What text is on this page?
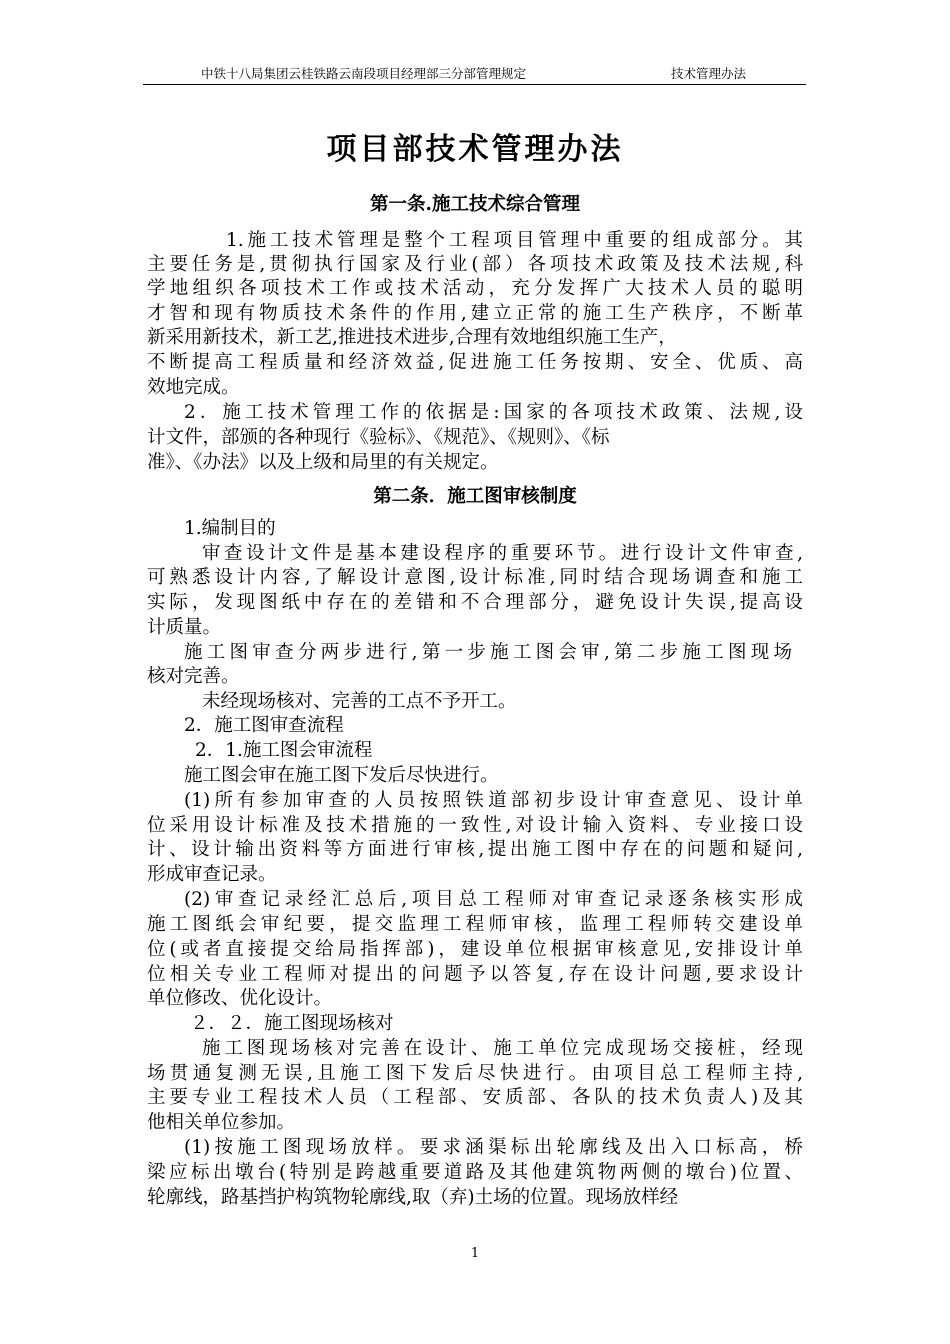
中铁十八局集团云桂铁路云南段项目经理部三分部管理规定	技术管理办法
项目部技术管理办法
第一条.施工技术综合管理
1.施工技术管理是整个工程项目管理中重要的组成部分。其
主要任务是,贯彻执行国家及行业(部）各项技术政策及技术法规,科
学地组织各项技术工作或技术活动，充分发挥广大技术人员的聪明
才智和现有物质技术条件的作用,建立正常的施工生产秩序，不断革
新采用新技术，新工艺,推进技术进步,合理有效地组织施工生产，
不断提高工程质量和经济效益,促进施工任务按期、安全、优质、高
效地完成。
2．施工技术管理工作的依据是:国家的各项技术政策、法规,设
计文件，部颁的各种现行《验标》、《规范》、《规则》、《标
准》、《办法》以及上级和局里的有关规定。
第二条．施工图审核制度
1.编制目的
审查设计文件是基本建设程序的重要环节。进行设计文件审查,
可熟悉设计内容,了解设计意图,设计标准,同时结合现场调查和施工
实际，发现图纸中存在的差错和不合理部分，避免设计失误,提高设
计质量。
施工图审查分两步进行,第一步施工图会审,第二步施工图现场
核对完善。
未经现场核对、完善的工点不予开工。
2．施工图审查流程
2．1.施工图会审流程
施工图会审在施工图下发后尽快进行。
(1)所有参加审查的人员按照铁道部初步设计审查意见、设计单
位采用设计标准及技术措施的一致性,对设计输入资料、专业接口设
计、设计输出资料等方面进行审核,提出施工图中存在的问题和疑问,
形成审查记录。
(2)审查记录经汇总后,项目总工程师对审查记录逐条核实形成
施工图纸会审纪要，提交监理工程师审核，监理工程师转交建设单
位(或者直接提交给局指挥部)，建设单位根据审核意见,安排设计单
位相关专业工程师对提出的问题予以答复,存在设计问题,要求设计
单位修改、优化设计。
２．２．施工图现场核对
施工图现场核对完善在设计、施工单位完成现场交接桩，经现
场贯通复测无误,且施工图下发后尽快进行。由项目总工程师主持,
主要专业工程技术人员（工程部、安质部、各队的技术负责人)及其
他相关单位参加。
(1)按施工图现场放样。要求涵渠标出轮廓线及出入口标高，桥
梁应标出墩台(特别是跨越重要道路及其他建筑物两侧的墩台)位置、
轮廓线，路基挡护构筑物轮廓线,取（弃)土场的位置。现场放样经
1
